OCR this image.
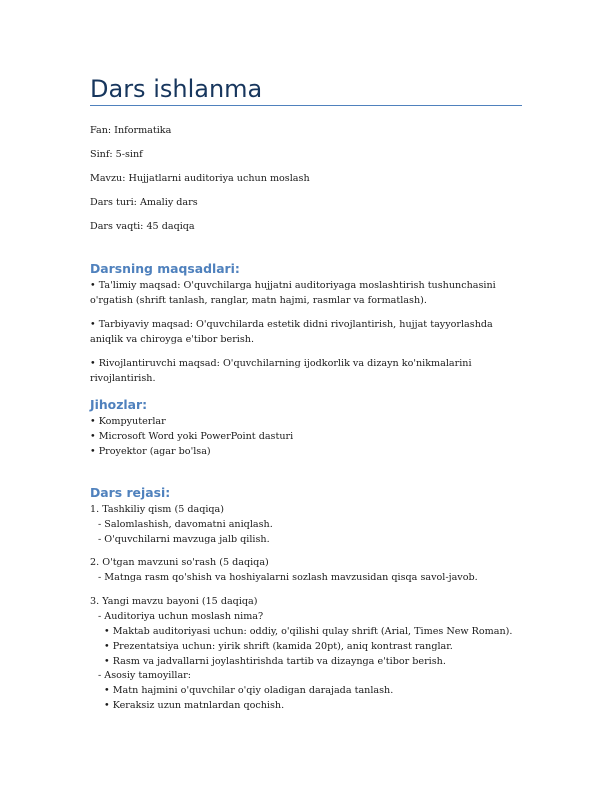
Dars ishlanma
Fan: Informatika
Sinf: 5-sinf
Mavzu: Hujjatlarni auditoriya uchun moslash
Dars turi: Amaliy dars
Dars vaqti: 45 daqiqa
Darsning maqsadlari:
• Ta'limiy maqsad: O'quvchilarga hujjatni auditoriyaga moslashtirish tushunchasini o'rgatish (shrift tanlash, ranglar, matn hajmi, rasmlar va formatlash).
• Tarbiyaviy maqsad: O'quvchilarda estetik didni rivojlantirish, hujjat tayyorlashda aniqlik va chiroyga e'tibor berish.
• Rivojlantiruvchi maqsad: O'quvchilarning ijodkorlik va dizayn ko'nikmalarini rivojlantirish.
Jihozlar:
• Kompyuterlar
• Microsoft Word yoki PowerPoint dasturi
• Proyektor (agar bo'lsa)
Dars rejasi:
1. Tashkiliy qism (5 daqiqa)
- Salomlashish, davomatni aniqlash.
- O'quvchilarni mavzuga jalb qilish.
2. O'tgan mavzuni so'rash (5 daqiqa)
- Matnga rasm qo'shish va hoshiyalarni sozlash mavzusidan qisqa savol-javob.
3. Yangi mavzu bayoni (15 daqiqa)
- Auditoriya uchun moslash nima?
• Maktab auditoriyasi uchun: oddiy, o'qilishi qulay shrift (Arial, Times New Roman).
• Prezentatsiya uchun: yirik shrift (kamida 20pt), aniq kontrast ranglar.
• Rasm va jadvallarni joylashtirishda tartib va dizaynga e'tibor berish.
- Asosiy tamoyillar:
• Matn hajmini o'quvchilar o'qiy oladigan darajada tanlash.
• Keraksiz uzun matnlardan qochish.
